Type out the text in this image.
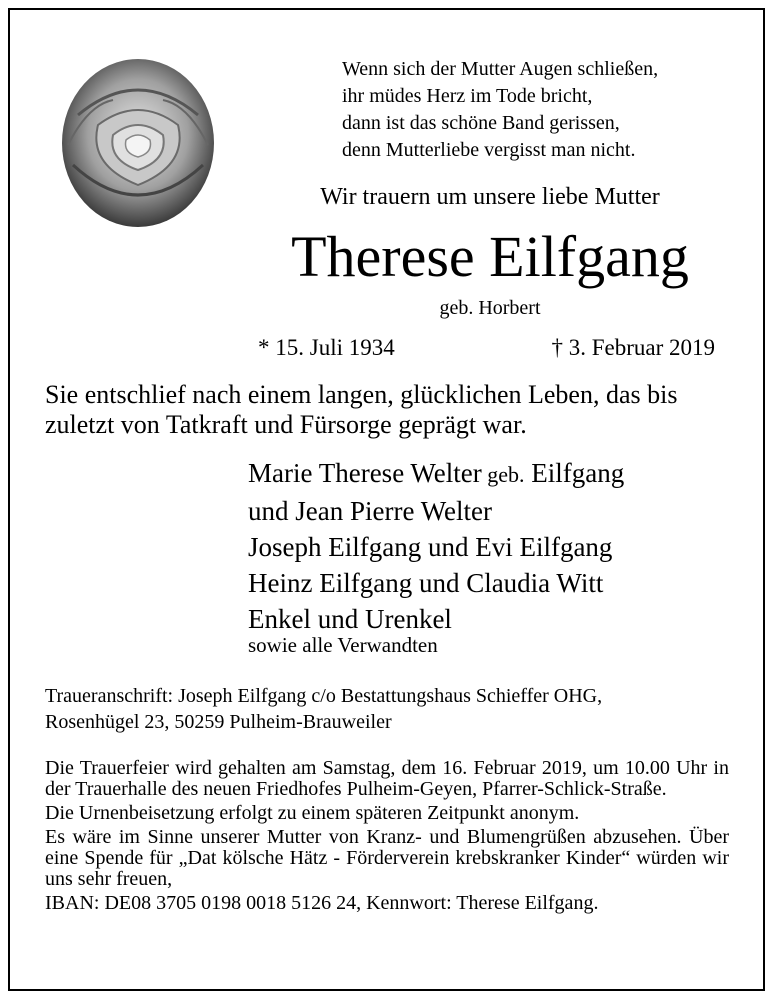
Wenn sich der Mutter Augen schließen,
ihr müdes Herz im Tode bricht,
dann ist das schöne Band gerissen,
denn Mutterliebe vergisst man nicht.
Wir trauern um unsere liebe Mutter
Therese Eilfgang
geb. Horbert
* 15. Juli 1934	† 3. Februar 2019
Sie entschlief nach einem langen, glücklichen Leben, das bis zuletzt von Tatkraft und Fürsorge geprägt war.
Marie Therese Welter geb. Eilfgang
und Jean Pierre Welter
Joseph Eilfgang und Evi Eilfgang
Heinz Eilfgang und Claudia Witt
Enkel und Urenkel
sowie alle Verwandten
Traueranschrift: Joseph Eilfgang c/o Bestattungshaus Schieffer OHG,
Rosenhügel 23, 50259 Pulheim-Brauweiler

Die Trauerfeier wird gehalten am Samstag, dem 16. Februar 2019, um 10.00 Uhr in der Trauerhalle des neuen Friedhofes Pulheim-Geyen, Pfarrer-Schlick-Straße.

Die Urnenbeisetzung erfolgt zu einem späteren Zeitpunkt anonym.

Es wäre im Sinne unserer Mutter von Kranz- und Blumengrüßen abzusehen. Über eine Spende für „Dat kölsche Hätz - Förderverein krebskranker Kinder“ würden wir uns sehr freuen,

IBAN: DE08 3705 0198 0018 5126 24, Kennwort: Therese Eilfgang.
